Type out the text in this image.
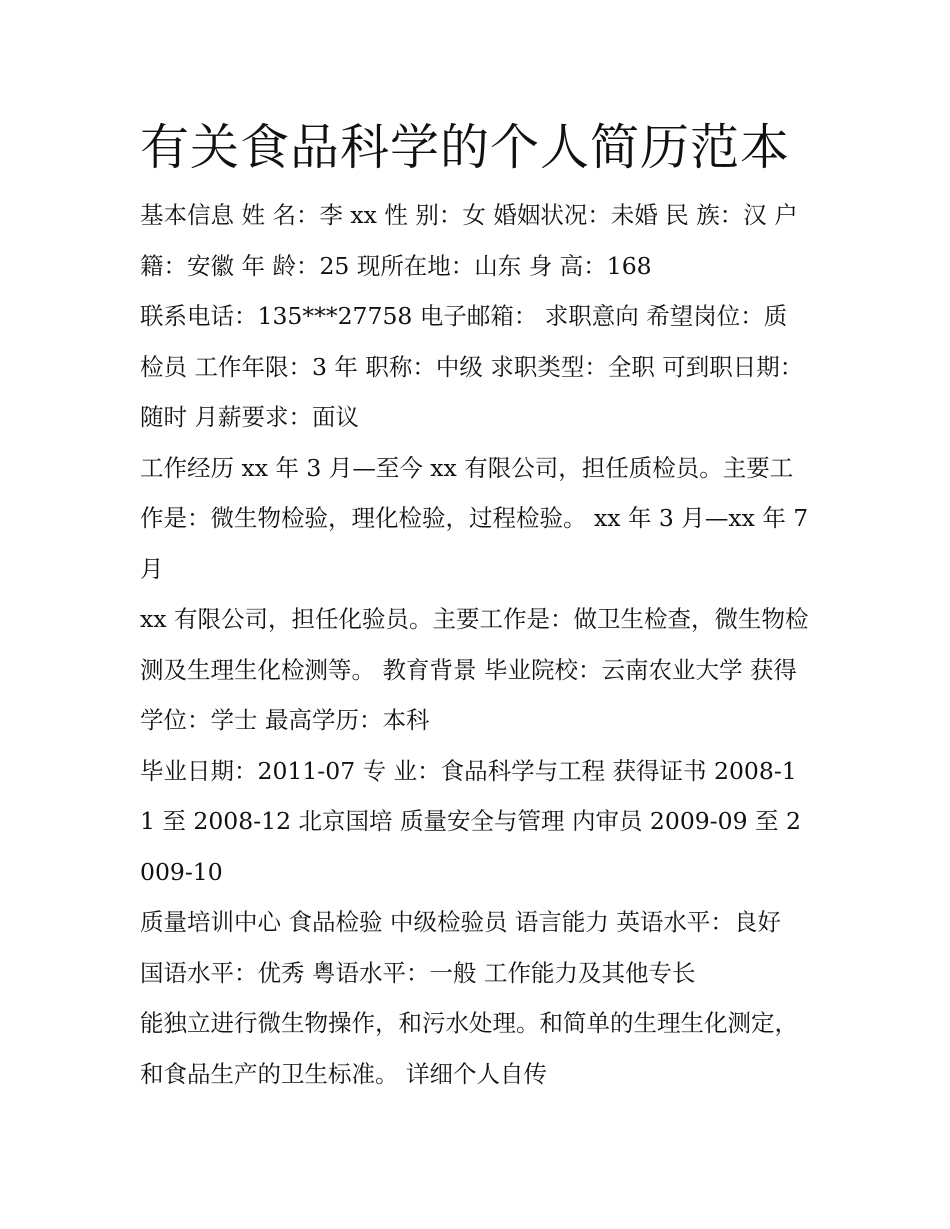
有关食品科学的个人简历范本

基本信息 姓 名：李 xx 性 别：女 婚姻状况：未婚 民 族：汉 户 籍：安徽 年 龄：25 现所在地：山东 身 高：168

联系电话：135***27758 电子邮箱： 求职意向 希望岗位：质检员 工作年限：3 年 职称：中级 求职类型：全职 可到职日期：随时 月薪要求：面议

工作经历 xx 年 3 月—至今 xx 有限公司，担任质检员。主要工作是：微生物检验，理化检验，过程检验。 xx 年 3 月—xx 年 7 月

xx 有限公司，担任化验员。主要工作是：做卫生检查，微生物检测及生理生化检测等。 教育背景 毕业院校：云南农业大学 获得学位：学士 最高学历：本科

毕业日期：2011-07 专 业：食品科学与工程 获得证书 2008-11 至 2008-12 北京国培 质量安全与管理 内审员 2009-09 至 2009-10

质量培训中心 食品检验 中级检验员 语言能力 英语水平：良好 国语水平：优秀 粤语水平：一般 工作能力及其他专长

能独立进行微生物操作，和污水处理。和简单的生理生化测定，和食品生产的卫生标准。 详细个人自传
